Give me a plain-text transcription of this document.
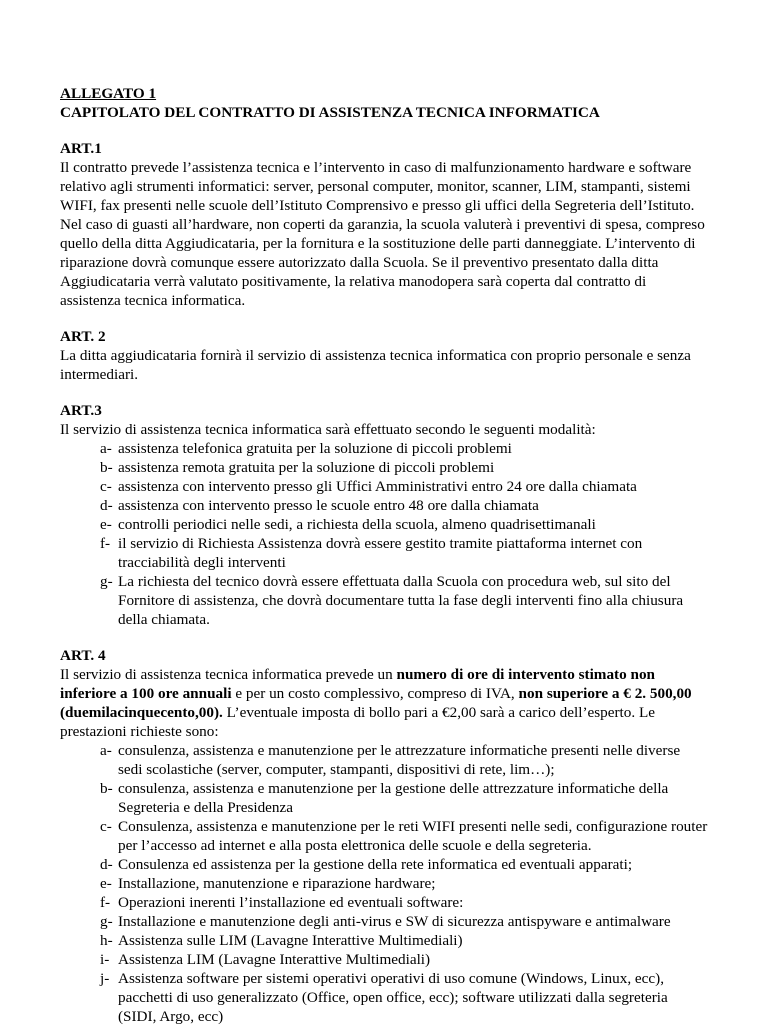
ALLEGATO 1

CAPITOLATO DEL CONTRATTO DI ASSISTENZA TECNICA INFORMATICA

ART.1

Il contratto prevede l’assistenza tecnica e l’intervento in caso di malfunzionamento hardware e software relativo agli strumenti informatici: server, personal computer, monitor, scanner, LIM, stampanti, sistemi WIFI, fax presenti nelle scuole dell’Istituto Comprensivo e presso gli uffici della Segreteria dell’Istituto.
Nel caso di guasti all’hardware, non coperti da garanzia, la scuola valuterà i preventivi di spesa, compreso quello della ditta Aggiudicataria, per la fornitura e la sostituzione delle parti danneggiate. L’intervento di riparazione dovrà comunque essere autorizzato dalla Scuola. Se il preventivo presentato dalla ditta Aggiudicataria verrà valutato positivamente, la relativa manodopera sarà coperta dal contratto di assistenza tecnica informatica.

ART. 2

La ditta aggiudicataria fornirà il servizio di assistenza tecnica informatica con proprio personale e senza intermediari.

ART.3

Il servizio di assistenza tecnica informatica sarà effettuato secondo le seguenti modalità:

a- assistenza telefonica gratuita per la soluzione di piccoli problemi
b- assistenza remota gratuita per la soluzione di piccoli problemi
c- assistenza con intervento presso gli Uffici Amministrativi entro 24 ore dalla chiamata
d- assistenza con intervento presso le scuole entro 48 ore dalla chiamata
e- controlli periodici nelle sedi, a richiesta della scuola, almeno quadrisettimanali
f- il servizio di Richiesta Assistenza dovrà essere gestito tramite piattaforma internet con tracciabilità degli interventi
g- La richiesta del tecnico dovrà essere effettuata dalla Scuola con procedura web, sul sito del Fornitore di assistenza, che dovrà documentare tutta la fase degli interventi fino alla chiusura della chiamata.

ART. 4

Il servizio di assistenza tecnica informatica prevede un numero di ore di intervento stimato non inferiore a 100 ore annuali e per un costo complessivo, compreso di IVA, non superiore a € 2. 500,00 (duemilacinquecento,00). L’eventuale imposta di bollo pari a €2,00 sarà a carico dell’esperto. Le prestazioni richieste sono:

a- consulenza, assistenza e manutenzione per le attrezzature informatiche presenti nelle diverse sedi scolastiche (server, computer, stampanti, dispositivi di rete, lim…);
b- consulenza, assistenza e manutenzione per la gestione delle attrezzature informatiche della Segreteria e della Presidenza
c- Consulenza, assistenza e manutenzione per le reti WIFI presenti nelle sedi, configurazione router per l’accesso ad internet e alla posta elettronica delle scuole e della segreteria.
d- Consulenza ed assistenza per la gestione della rete informatica ed eventuali apparati;
e- Installazione, manutenzione e riparazione hardware;
f- Operazioni inerenti l’installazione ed eventuali software:
g- Installazione e manutenzione degli anti-virus e SW di sicurezza antispyware e antimalware
h- Assistenza sulle LIM (Lavagne Interattive Multimediali)
i- Assistenza LIM (Lavagne Interattive Multimediali)
j- Assistenza software per sistemi operativi operativi di uso comune (Windows, Linux, ecc), pacchetti di uso generalizzato (Office, open office, ecc); software utilizzati dalla segreteria (SIDI, Argo, ecc)
